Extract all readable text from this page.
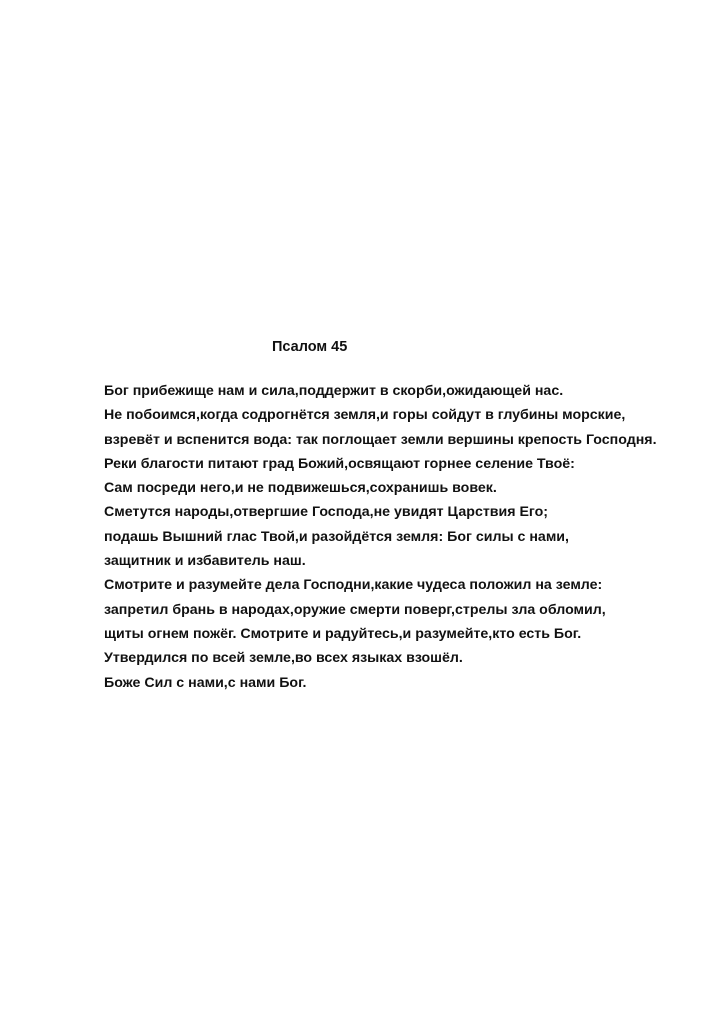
Псалом 45
Бог прибежище нам и сила,поддержит в скорби,ожидающей нас.
Не побоимся,когда содрогнётся земля,и горы сойдут в глубины морские,
взревёт и вспенится вода: так поглощает земли вершины крепость Господня.
Реки благости питают град Божий,освящают горнее селение Твоё:
Сам посреди него,и не подвижешься,сохранишь вовек.
Сметутся народы,отвергшие Господа,не увидят Царствия Его;
подашь Вышний глас Твой,и разойдётся земля: Бог силы с нами,
защитник и избавитель наш.
Смотрите и разумейте дела Господни,какие чудеса положил на земле:
запретил брань в народах,оружие смерти поверг,стрелы зла обломил,
щиты огнем пожёг. Смотрите и радуйтесь,и разумейте,кто есть Бог.
Утвердился по всей земле,во всех языках взошёл.
Боже Сил с нами,с нами Бог.
